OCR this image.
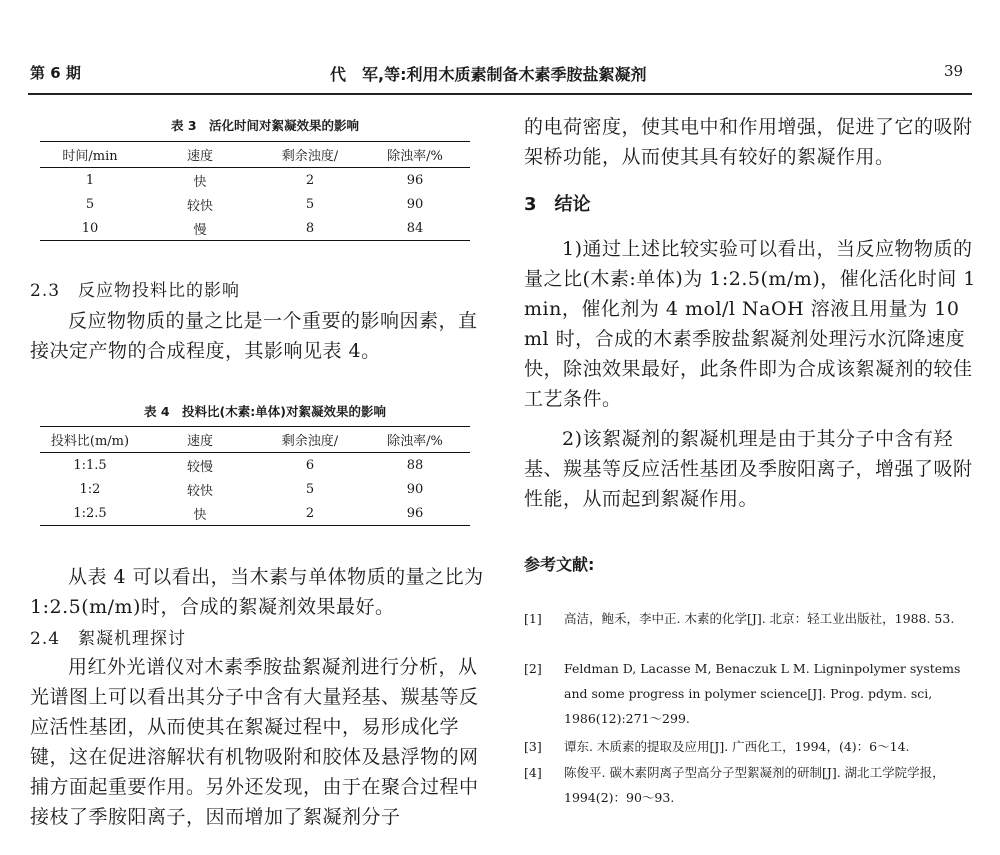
第 6 期	代　军,等:利用木质素制备木素季胺盐絮凝剂	39
表 3　活化时间对絮凝效果的影响
时间/min	速度	剩余浊度/	除浊率/%
1	快	2	96
5	较快	5	90
10	慢	8	84
2.3　反应物投料比的影响
反应物物质的量之比是一个重要的影响因素，直接决定产物的合成程度，其影响见表 4。
表 4　投料比(木素:单体)对絮凝效果的影响
投料比(m/m)	速度	剩余浊度/	除浊率/%
1:1.5	较慢	6	88
1:2	较快	5	90
1:2.5	快	2	96
从表 4 可以看出，当木素与单体物质的量之比为 1:2.5(m/m)时，合成的絮凝剂效果最好。
2.4　絮凝机理探讨
用红外光谱仪对木素季胺盐絮凝剂进行分析，从光谱图上可以看出其分子中含有大量羟基、羰基等反应活性基团，从而使其在絮凝过程中，易形成化学键，这在促进溶解状有机物吸附和胶体及悬浮物的网捕方面起重要作用。另外还发现，由于在聚合过程中接枝了季胺阳离子，因而增加了絮凝剂分子
的电荷密度，使其电中和作用增强，促进了它的吸附架桥功能，从而使其具有较好的絮凝作用。
3　结论
1)通过上述比较实验可以看出，当反应物物质的量之比(木素:单体)为 1:2.5(m/m)，催化活化时间 1 min，催化剂为 4 mol/l NaOH 溶液且用量为 10 ml 时，合成的木素季胺盐絮凝剂处理污水沉降速度快，除浊效果最好，此条件即为合成该絮凝剂的较佳工艺条件。
2)该絮凝剂的絮凝机理是由于其分子中含有羟基、羰基等反应活性基团及季胺阳离子，增强了吸附性能，从而起到絮凝作用。
参考文献:
[1] 高洁，鲍禾，李中正. 木素的化学[J]. 北京：轻工业出版社，1988. 53.
[2] Feldman D, Lacasse M, Benaczuk L M. Ligninpolymer systems and some progress in polymer science[J]. Prog. pdym. sci, 1986(12):271～299.
[3] 谭东. 木质素的提取及应用[J]. 广西化工，1994，(4)：6～14.
[4] 陈俊平. 碳木素阴离子型高分子型絮凝剂的研制[J]. 湖北工学院学报，1994(2)：90～93.
